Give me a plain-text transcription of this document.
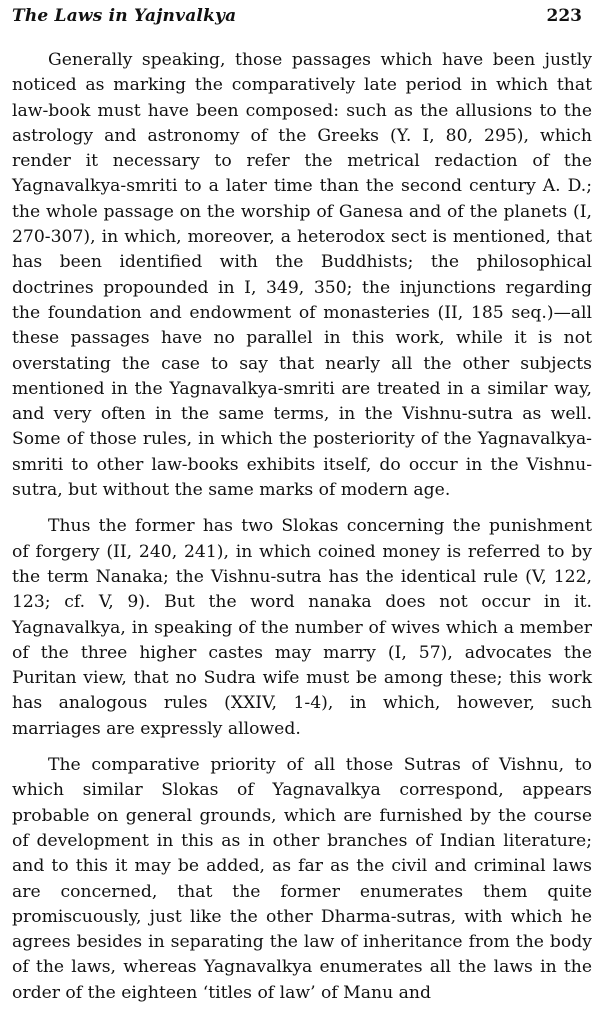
The Laws in Yajnvalkya	223

Generally speaking, those passages which have been justly noticed as marking the comparatively late period in which that law-book must have been composed: such as the allusions to the astrology and astronomy of the Greeks (Y. I, 80, 295), which render it necessary to refer the metrical redaction of the Yagnavalkya-smriti to a later time than the second century A. D.; the whole passage on the worship of Ganesa and of the planets (I, 270-307), in which, moreover, a heterodox sect is mentioned, that has been identified with the Buddhists; the philosophical doctrines propounded in I, 349, 350; the injunctions regarding the foundation and endowment of monasteries (II, 185 seq.)—all these passages have no parallel in this work, while it is not overstating the case to say that nearly all the other subjects mentioned in the Yagnavalkya-smriti are treated in a similar way, and very often in the same terms, in the Vishnu-sutra as well. Some of those rules, in which the posteriority of the Yagnavalkya-smriti to other law-books exhibits itself, do occur in the Vishnu-sutra, but without the same marks of modern age.

Thus the former has two Slokas concerning the punishment of forgery (II, 240, 241), in which coined money is referred to by the term Nanaka; the Vishnu-sutra has the identical rule (V, 122, 123; cf. V, 9). But the word nanaka does not occur in it. Yagnavalkya, in speaking of the number of wives which a member of the three higher castes may marry (I, 57), advocates the Puritan view, that no Sudra wife must be among these; this work has analogous rules (XXIV, 1-4), in which, however, such marriages are expressly allowed.

The comparative priority of all those Sutras of Vishnu, to which similar Slokas of Yagnavalkya correspond, appears probable on general grounds, which are furnished by the course of development in this as in other branches of Indian literature; and to this it may be added, as far as the civil and criminal laws are concerned, that the former enumerates them quite promiscuously, just like the other Dharma-sutras, with which he agrees besides in separating the law of inheritance from the body of the laws, whereas Yagnavalkya enumerates all the laws in the order of the eighteen ‘titles of law’ of Manu and
